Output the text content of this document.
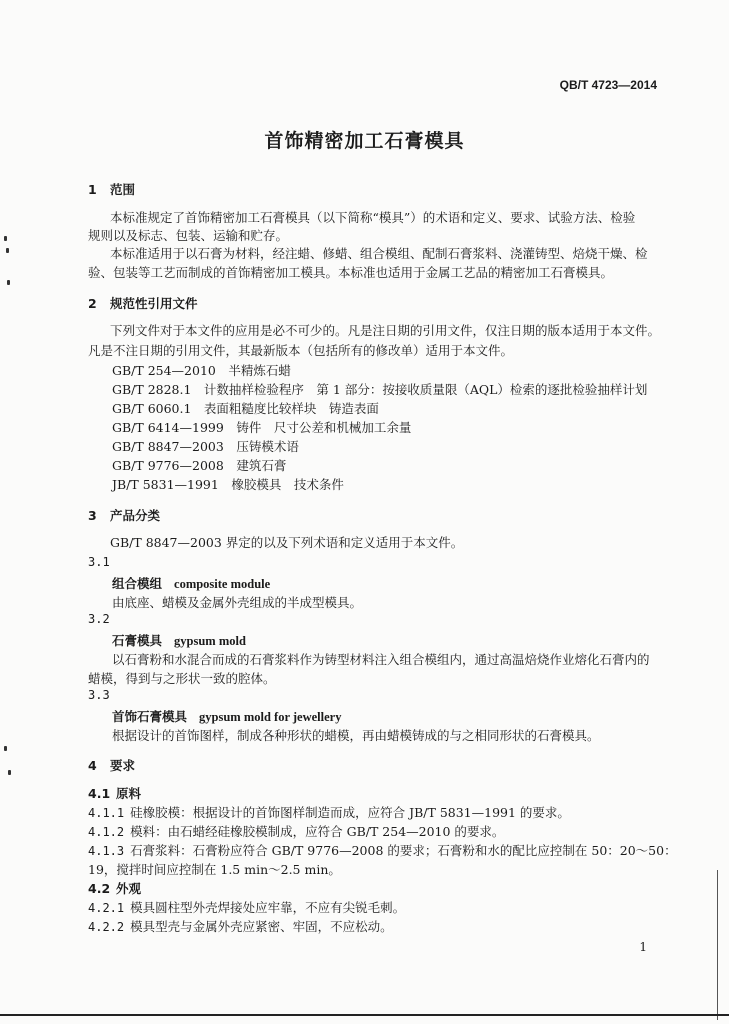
QB/T 4723—2014
首饰精密加工石膏模具
1 范围
本标准规定了首饰精密加工石膏模具（以下简称“模具”）的术语和定义、要求、试验方法、检验
规则以及标志、包装、运输和贮存。
本标准适用于以石膏为材料，经注蜡、修蜡、组合模组、配制石膏浆料、浇灌铸型、焙烧干燥、检
验、包装等工艺而制成的首饰精密加工模具。本标准也适用于金属工艺品的精密加工石膏模具。
2 规范性引用文件
下列文件对于本文件的应用是必不可少的。凡是注日期的引用文件，仅注日期的版本适用于本文件。
凡是不注日期的引用文件，其最新版本（包括所有的修改单）适用于本文件。
GB/T 254—2010　半精炼石蜡
GB/T 2828.1　计数抽样检验程序　第 1 部分：按接收质量限（AQL）检索的逐批检验抽样计划
GB/T 6060.1　表面粗糙度比较样块　铸造表面
GB/T 6414—1999　铸件　尺寸公差和机械加工余量
GB/T 8847—2003　压铸模术语
GB/T 9776—2008　建筑石膏
JB/T 5831—1991　橡胶模具　技术条件
3 产品分类
GB/T 8847—2003 界定的以及下列术语和定义适用于本文件。
3.1
组合模组 composite module
由底座、蜡模及金属外壳组成的半成型模具。
3.2
石膏模具 gypsum mold
以石膏粉和水混合而成的石膏浆料作为铸型材料注入组合模组内，通过高温焙烧作业熔化石膏内的
蜡模，得到与之形状一致的腔体。
3.3
首饰石膏模具 gypsum mold for jewellery
根据设计的首饰图样，制成各种形状的蜡模，再由蜡模铸成的与之相同形状的石膏模具。
4 要求
4.1 原料
4.1.1 硅橡胶模：根据设计的首饰图样制造而成，应符合 JB/T 5831—1991 的要求。
4.1.2 模料：由石蜡经硅橡胶模制成，应符合 GB/T 254—2010 的要求。
4.1.3 石膏浆料：石膏粉应符合 GB/T 9776—2008 的要求；石膏粉和水的配比应控制在 50：20～50：
19，搅拌时间应控制在 1.5 min～2.5 min。
4.2 外观
4.2.1 模具圆柱型外壳焊接处应牢靠，不应有尖锐毛刺。
4.2.2 模具型壳与金属外壳应紧密、牢固，不应松动。
1
